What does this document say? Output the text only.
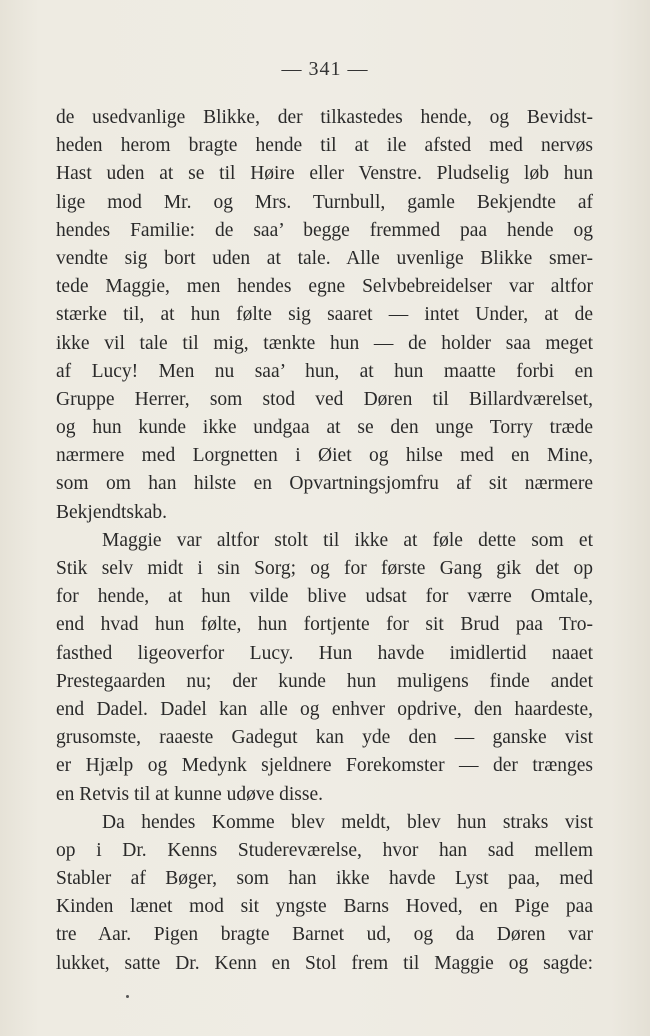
— 341 —
de usedvanlige Blikke, der tilkastedes hende, og Bevidst-
heden herom bragte hende til at ile afsted med nervøs
Hast uden at se til Høire eller Venstre. Pludselig løb hun
lige mod Mr. og Mrs. Turnbull, gamle Bekjendte af
hendes Familie: de saa’ begge fremmed paa hende og
vendte sig bort uden at tale. Alle uvenlige Blikke smer-
tede Maggie, men hendes egne Selvbebreidelser var altfor
stærke til, at hun følte sig saaret — intet Under, at de
ikke vil tale til mig, tænkte hun — de holder saa meget
af Lucy! Men nu saa’ hun, at hun maatte forbi en
Gruppe Herrer, som stod ved Døren til Billardværelset,
og hun kunde ikke undgaa at se den unge Torry træde
nærmere med Lorgnetten i Øiet og hilse med en Mine,
som om han hilste en Opvartningsjomfru af sit nærmere
Bekjendtskab.
Maggie var altfor stolt til ikke at føle dette som et
Stik selv midt i sin Sorg; og for første Gang gik det op
for hende, at hun vilde blive udsat for værre Omtale,
end hvad hun følte, hun fortjente for sit Brud paa Tro-
fasthed ligeoverfor Lucy. Hun havde imidlertid naaet
Prestegaarden nu; der kunde hun muligens finde andet
end Dadel. Dadel kan alle og enhver opdrive, den haardeste,
grusomste, raaeste Gadegut kan yde den — ganske vist
er Hjælp og Medynk sjeldnere Forekomster — der trænges
en Retvis til at kunne udøve disse.
Da hendes Komme blev meldt, blev hun straks vist
op i Dr. Kenns Studereværelse, hvor han sad mellem
Stabler af Bøger, som han ikke havde Lyst paa, med
Kinden lænet mod sit yngste Barns Hoved, en Pige paa
tre Aar. Pigen bragte Barnet ud, og da Døren var
lukket, satte Dr. Kenn en Stol frem til Maggie og sagde:
